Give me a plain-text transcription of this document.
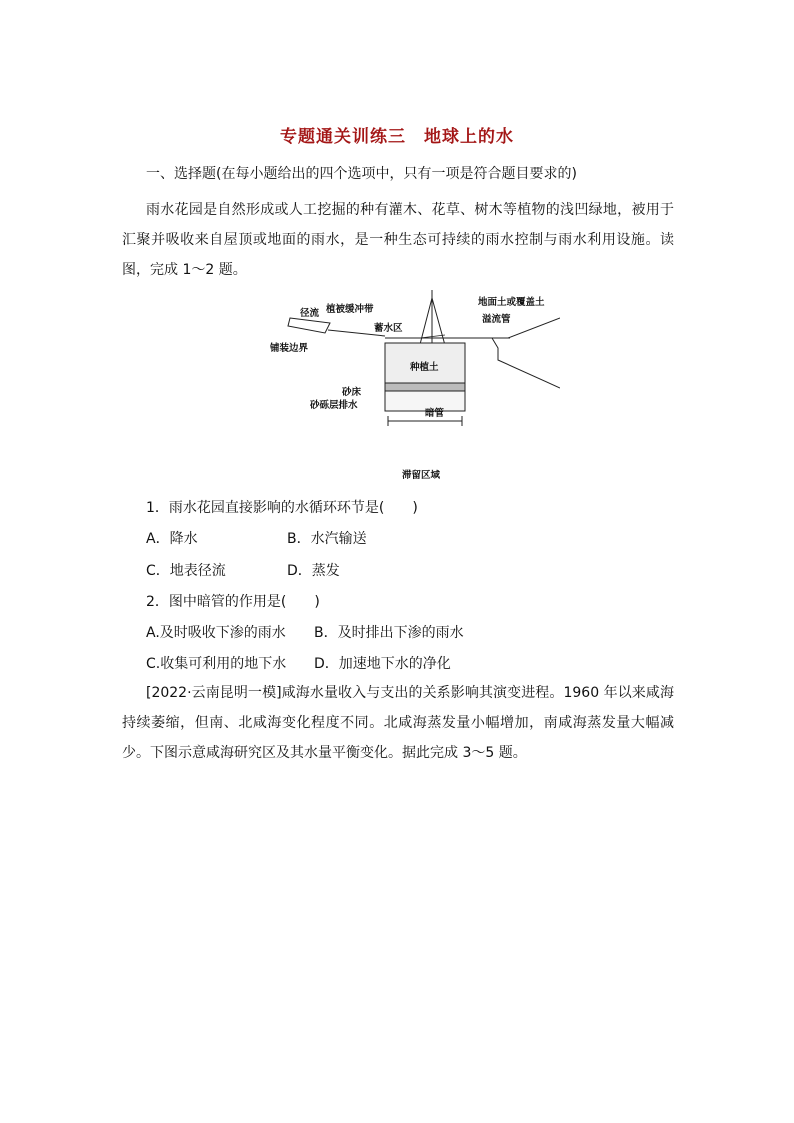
专题通关训练三　地球上的水
一、选择题(在每小题给出的四个选项中，只有一项是符合题目要求的)
雨水花园是自然形成或人工挖掘的种有灌木、花草、树木等植物的浅凹绿地，被用于汇聚并吸收来自屋顶或地面的雨水，是一种生态可持续的雨水控制与雨水利用设施。读图，完成 1～2 题。
径流 植被缓冲带
蓄水区
地面土或覆盖土
溢流管
铺装边界
种植土
砂床
砂砾层排水
暗管
滞留区域
1．雨水花园直接影响的水循环环节是(　　)
A．降水	B．水汽输送
C．地表径流	D．蒸发
2．图中暗管的作用是(　　)
A.及时吸收下渗的雨水 B．及时排出下渗的雨水
C.收集可利用的地下水 D．加速地下水的净化
[2022·云南昆明一模]咸海水量收入与支出的关系影响其演变进程。1960 年以来咸海持续萎缩，但南、北咸海变化程度不同。北咸海蒸发量小幅增加，南咸海蒸发量大幅减少。下图示意咸海研究区及其水量平衡变化。据此完成 3～5 题。
